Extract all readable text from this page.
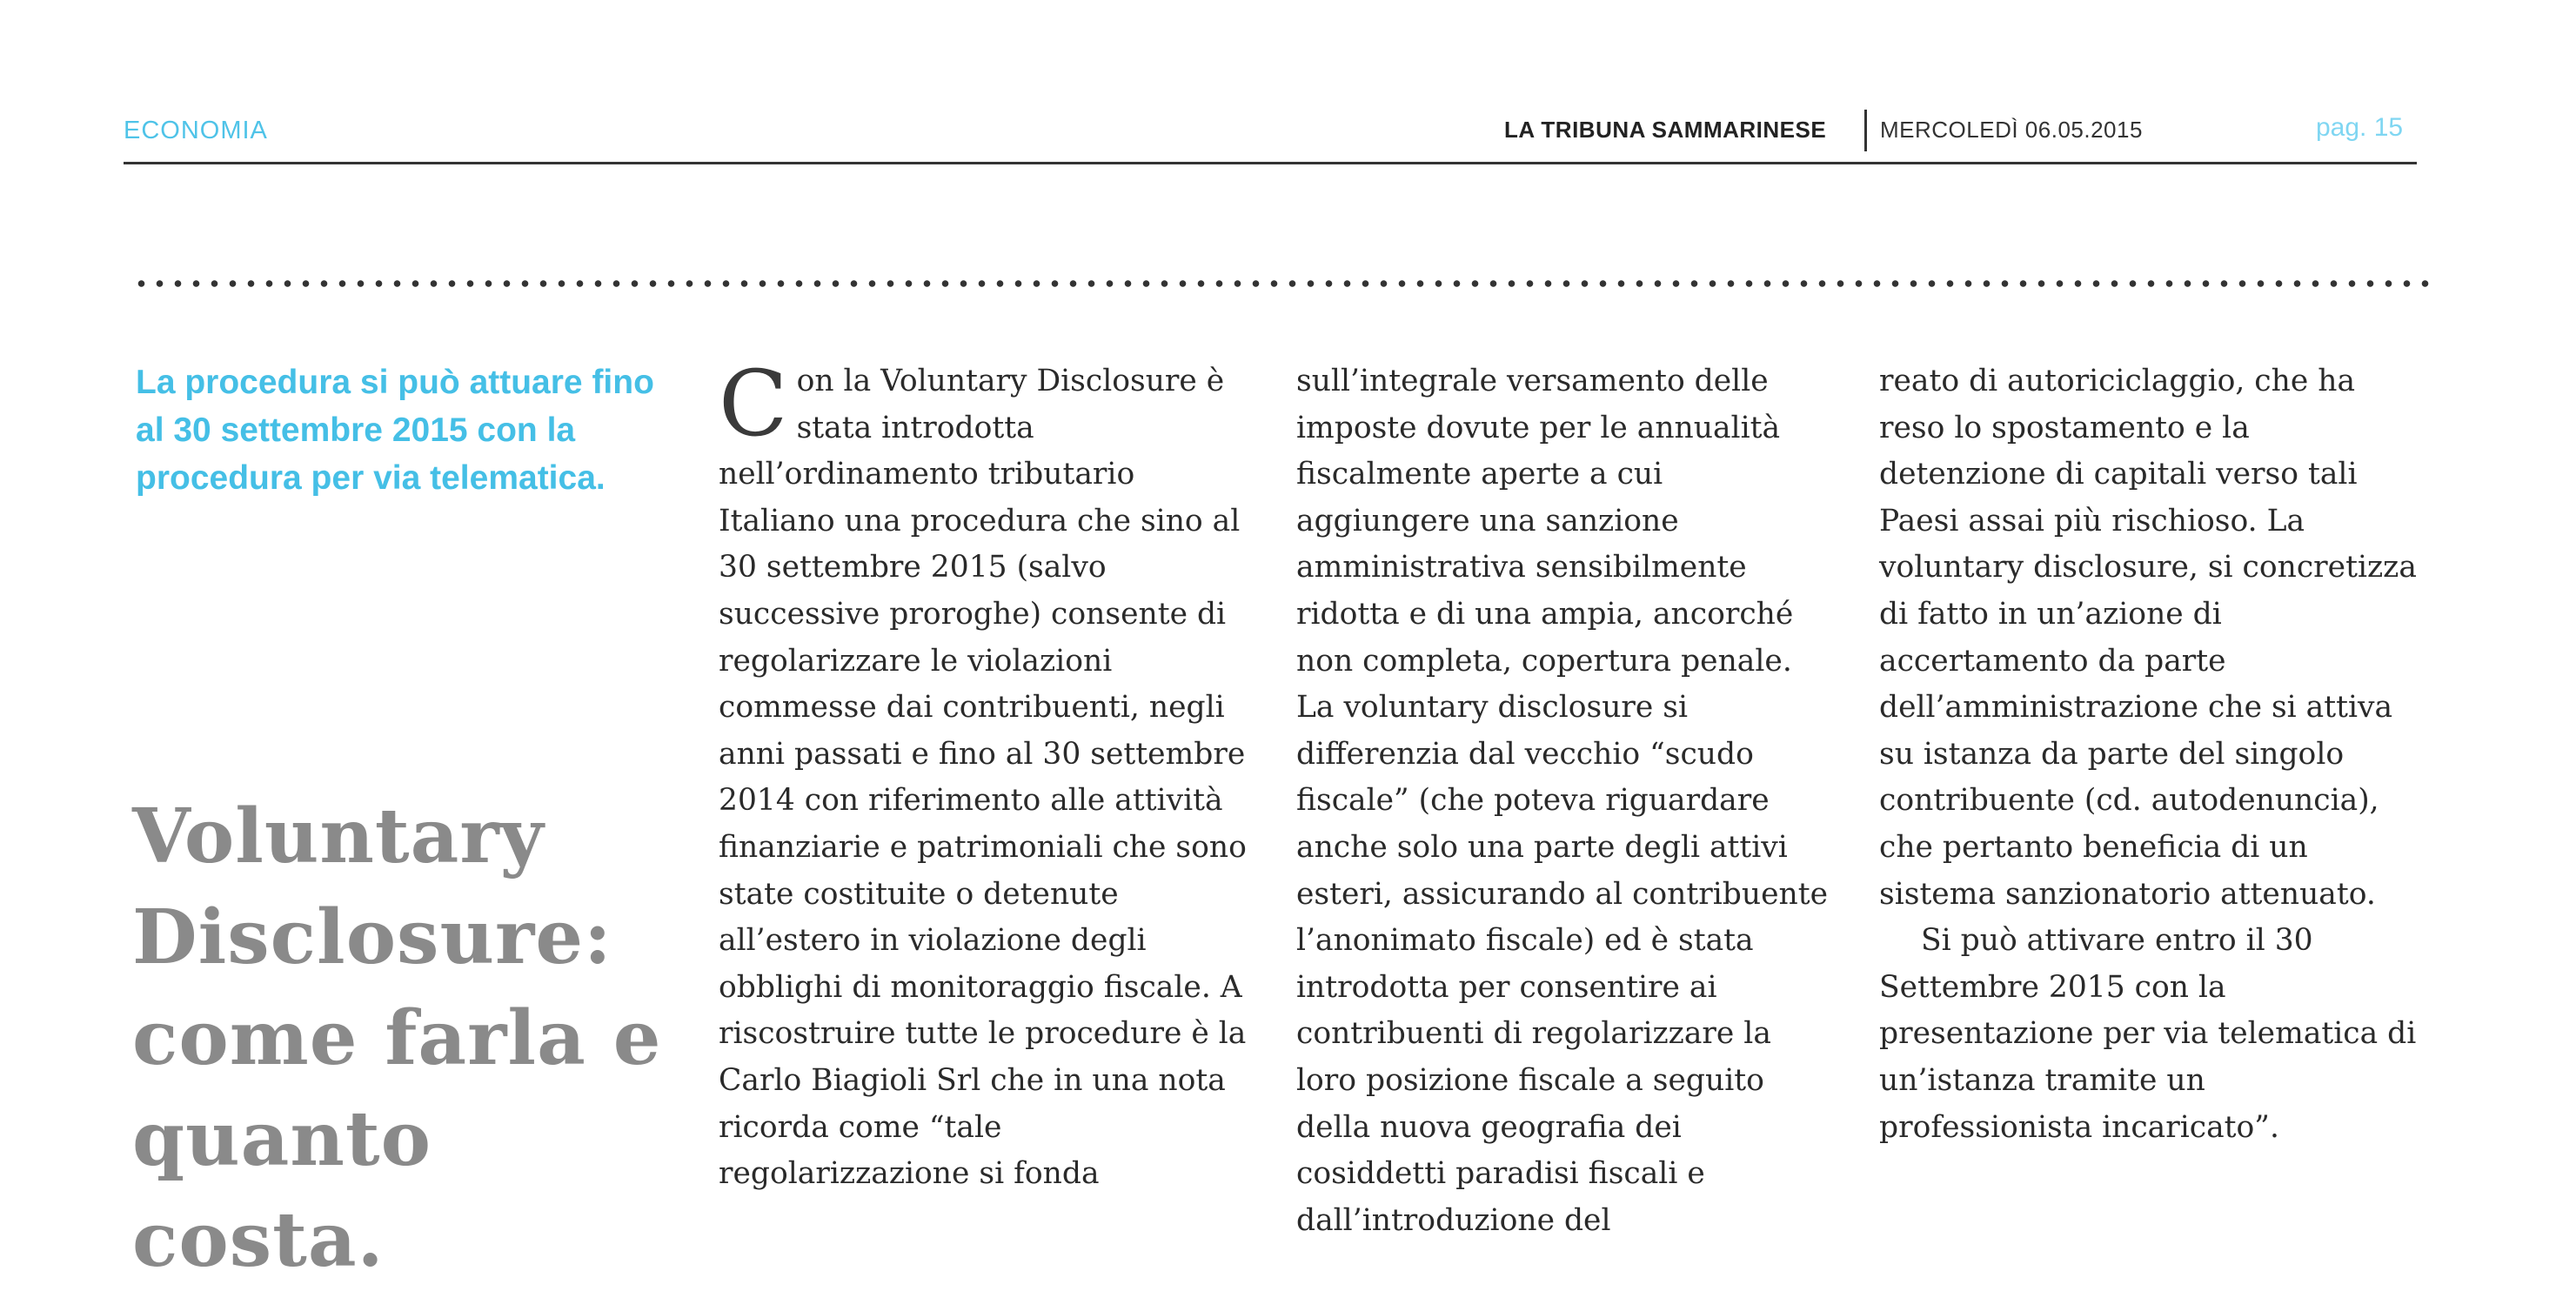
ECONOMIA	LA TRIBUNA SAMMARINESE MERCOLEDÌ 06.05.2015	pag. 15
La procedura si può attuare fino al 30 settembre 2015 con la procedura per via telematica.
Voluntary Disclosure: come farla e quanto costa.

Con la Voluntary Disclosure è stata introdotta nell’ordinamento tributario Italiano una procedura che sino al 30 settembre 2015 (salvo successive proroghe) consente di regolarizzare le violazioni commesse dai contribuenti, negli anni passati e fino al 30 settembre 2014 con riferimento alle attività finanziarie e patrimoniali che sono state costituite o detenute all’estero in violazione degli obblighi di monitoraggio fiscale. A riscostruire tutte le procedure è la Carlo Biagioli Srl che in una nota ricorda come “tale regolarizzazione si fonda

sull’integrale versamento delle imposte dovute per le annualità fiscalmente aperte a cui aggiungere una sanzione amministrativa sensibilmente ridotta e di una ampia, ancorché non completa, copertura penale. La voluntary disclosure si differenzia dal vecchio “scudo fiscale” (che poteva riguardare anche solo una parte degli attivi esteri, assicurando al contribuente l’anonimato fiscale) ed è stata introdotta per consentire ai contribuenti di regolarizzare la loro posizione fiscale a seguito della nuova geografia dei cosiddetti paradisi fiscali e dall’introduzione del

reato di autoriciclaggio, che ha reso lo spostamento e la detenzione di capitali verso tali Paesi assai più rischioso. La voluntary disclosure, si concretizza di fatto in un’azione di accertamento da parte dell’amministrazione che si attiva su istanza da parte del singolo contribuente (cd. autodenuncia), che pertanto beneficia di un sistema sanzionatorio attenuato.

Si può attivare entro il 30 Settembre 2015 con la presentazione per via telematica di un’istanza tramite un professionista incaricato”.
